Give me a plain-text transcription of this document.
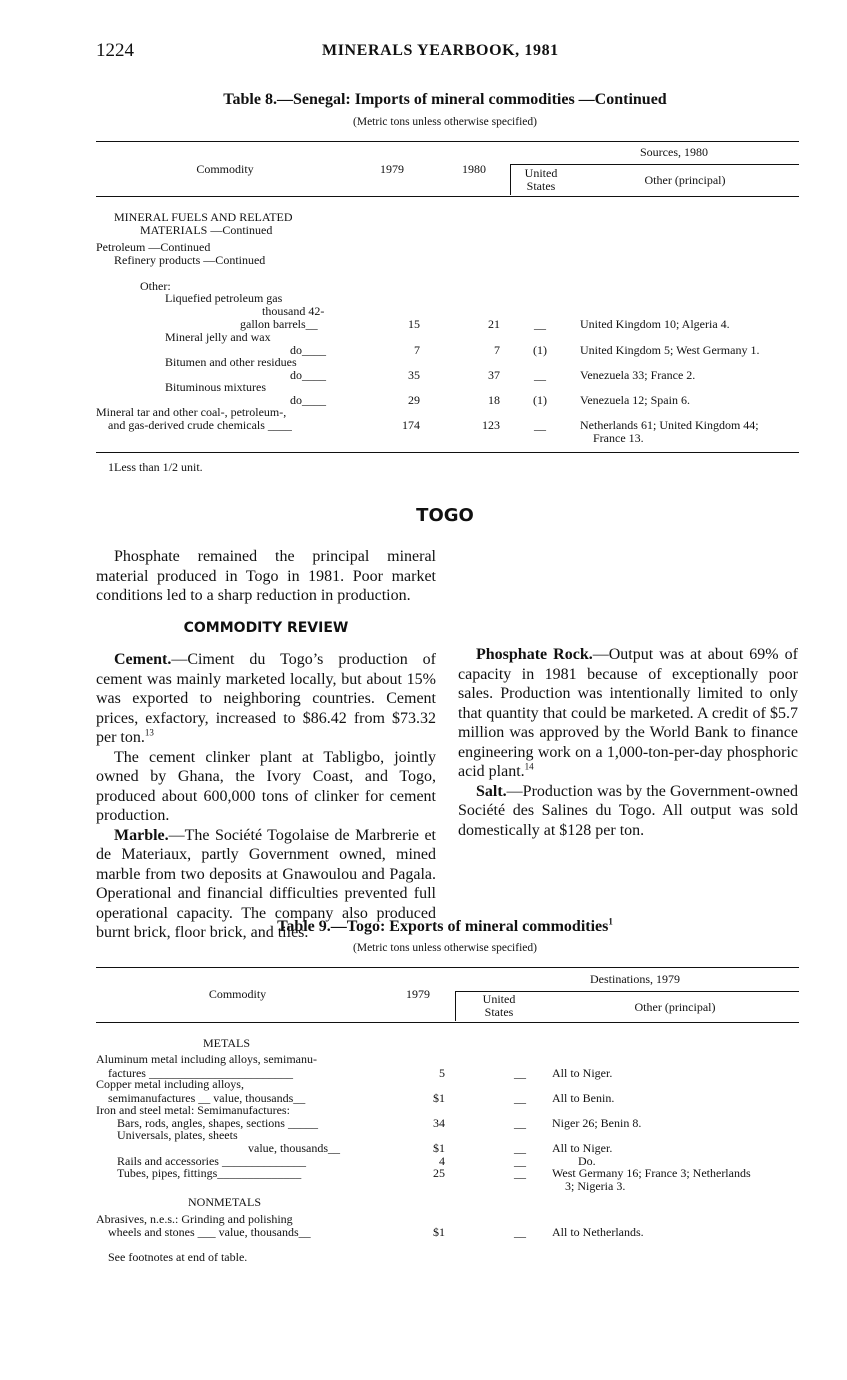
1224	MINERALS YEARBOOK, 1981
Table 8.—Senegal: Imports of mineral commodities —Continued
(Metric tons unless otherwise specified)
Sources, 1980
Commodity	1979	1980	United States	Other (principal)
MINERAL FUELS AND RELATED
MATERIALS —Continued
Petroleum —Continued
Refinery products —Continued
Other:
Liquefied petroleum gas
thousand 42-
gallon barrels__	15	21	__	United Kingdom 10; Algeria 4.
Mineral jelly and wax
do____	7	7	(1)	United Kingdom 5; West Germany 1.
Bitumen and other residues
do____	35	37	__	Venezuela 33; France 2.
Bituminous mixtures
do____	29	18	(1)	Venezuela 12; Spain 6.
Mineral tar and other coal-, petroleum-,
and gas-derived crude chemicals ____	174	123	__	Netherlands 61; United Kingdom 44;
France 13.
1Less than 1/2 unit.
TOGO

Phosphate remained the principal mineral material produced in Togo in 1981. Poor market conditions led to a sharp reduction in production.

COMMODITY REVIEW

Cement.—Ciment du Togo’s production of cement was mainly marketed locally, but about 15% was exported to neighboring countries. Cement prices, exfactory, increased to $86.42 from $73.32 per ton.$^{13}$

The cement clinker plant at Tabligbo, jointly owned by Ghana, the Ivory Coast, and Togo, produced about 600,000 tons of clinker for cement production.

Marble.—The Société Togolaise de Marbrerie et de Materiaux, partly Government owned, mined marble from two deposits at Gnawoulou and Pagala. Operational and financial difficulties prevented full operational capacity. The company also produced burnt brick, floor brick, and tiles.

Phosphate Rock.—Output was at about 69% of capacity in 1981 because of exceptionally poor sales. Production was intentionally limited to only that quantity that could be marketed. A credit of $5.7 million was approved by the World Bank to finance engineering work on a 1,000-ton-per-day phosphoric acid plant.$^{14}$

Salt.—Production was by the Government-owned Société des Salines du Togo. All output was sold domestically at $128 per ton.

Table 9.—Togo: Exports of mineral commodities$^1$
(Metric tons unless otherwise specified)
Destinations, 1979
Commodity	1979	United States	Other (principal)
METALS
Aluminum metal including alloys, semimanu-
factures ________________________	5	__	All to Niger.
Copper metal including alloys,
semimanufactures __ value, thousands__	$1	__	All to Benin.
Iron and steel metal: Semimanufactures:
Bars, rods, angles, shapes, sections _____	34	__	Niger 26; Benin 8.
Universals, plates, sheets
value, thousands__	$1	__	All to Niger.
Rails and accessories ______________	4	__	Do.
Tubes, pipes, fittings______________	25	__	West Germany 16; France 3; Netherlands
3; Nigeria 3.
NONMETALS
Abrasives, n.e.s.: Grinding and polishing
wheels and stones ___ value, thousands__	$1	__	All to Netherlands.
See footnotes at end of table.
